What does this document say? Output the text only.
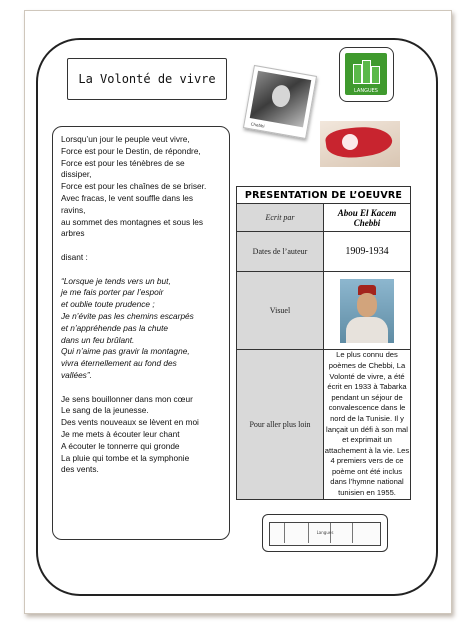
La Volonté de vivre
LANGUES
Chebbi
Lorsqu’un jour le peuple veut vivre,
Force est pour le Destin, de répondre,
Force est pour les ténèbres de se
dissiper,
Force est pour les chaînes de se briser.
Avec fracas, le vent souffle dans les
ravins,
au sommet des montagnes et sous les
arbres
disant :
“Lorsque je tends vers un but,
je me fais porter par l’espoir
et oublie toute prudence ;
Je n’évite pas les chemins escarpés
et n’appréhende pas la chute
dans un feu brûlant.
Qui n’aime pas gravir la montagne,
vivra éternellement au fond des
vallées”.
Je sens bouillonner dans mon cœur
Le sang de la jeunesse.
Des vents nouveaux se lèvent en moi
Je me mets à écouter leur chant
A écouter le tonnerre qui gronde
La pluie qui tombe et la symphonie
des vents.
PRESENTATION DE L’OEUVRE	
Ecrit par	Abou El Kacem Chebbi
Dates de l’auteur	1909-1934
Visuel	

Pour aller plus loin	Le plus connu des poèmes de Chebbi, La Volonté de vivre, a été écrit en 1933 à Tabarka pendant un séjour de convalescence dans le nord de la Tunisie. Il y lançait un défi à son mal et exprimait un attachement à la vie. Les 4 premiers vers de ce poème ont été inclus dans l’hymne national tunisien en 1955.
Langues
